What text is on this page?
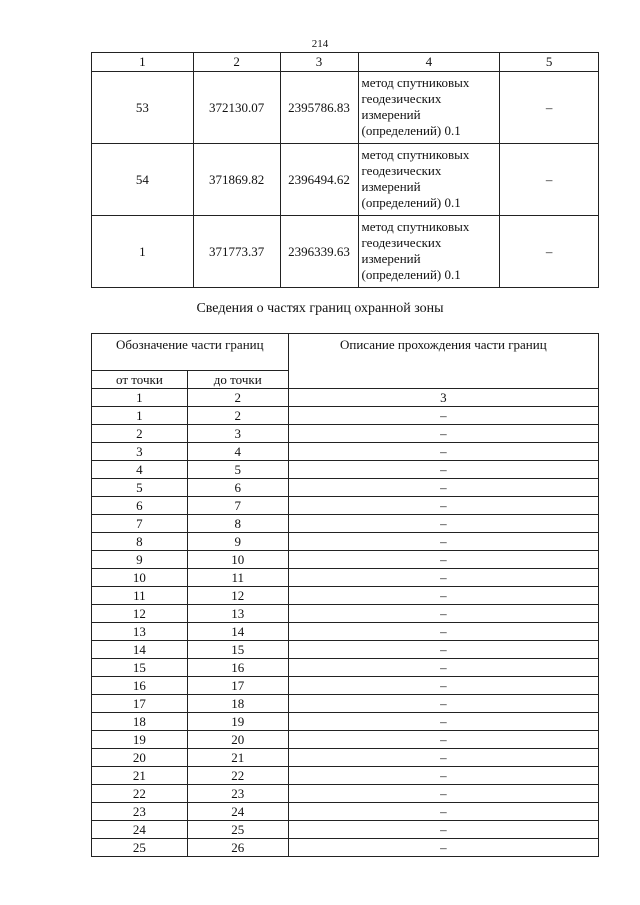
214
1	2	3	4	5
53	372130.07	2395786.83	метод спутниковых
геодезических
измерений
(определений) 0.1	–
54	371869.82	2396494.62	метод спутниковых
геодезических
измерений
(определений) 0.1	–
1	371773.37	2396339.63	метод спутниковых
геодезических
измерений
(определений) 0.1	–
Сведения о частях границ охранной зоны
Обозначение части границ		Описание прохождения части границ
от точки	до точки	
1	2	3
1	2	–
2	3	–
3	4	–
4	5	–
5	6	–
6	7	–
7	8	–
8	9	–
9	10	–
10	11	–
11	12	–
12	13	–
13	14	–
14	15	–
15	16	–
16	17	–
17	18	–
18	19	–
19	20	–
20	21	–
21	22	–
22	23	–
23	24	–
24	25	–
25	26	–
